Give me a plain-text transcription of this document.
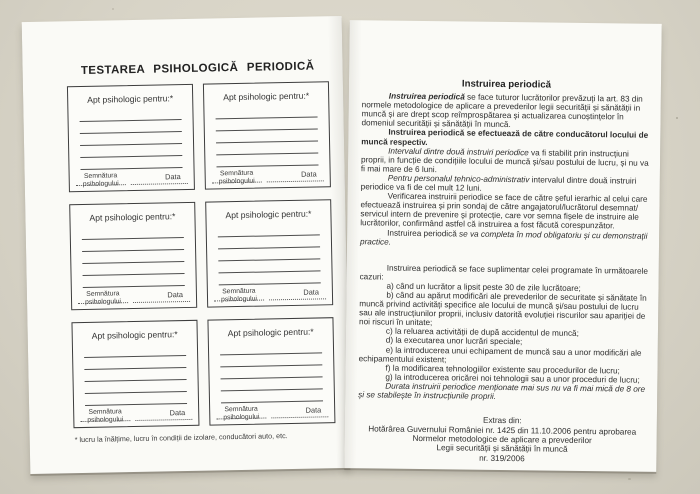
TESTAREA PSIHOLOGICĂ PERIODICĂ
Apt psihologic pentru:*
Semnătura
psihologului
Data
Apt psihologic pentru:*
Semnătura
psihologului
Data
Apt psihologic pentru:*
Semnătura
psihologului
Data
Apt psihologic pentru:*
Semnătura
psihologului
Data
Apt psihologic pentru:*
Semnătura
psihologului
Data
Apt psihologic pentru:*
Semnătura
psihologului
Data
* lucru la înălțime, lucru în condiții de izolare, conducători auto, etc.
Instruirea periodică

Instruirea periodică se face tuturor lucrătorilor prevăzuți la art. 83 din normele metodologice de aplicare a prevederilor legii securității și sănătății in muncă și are drept scop reîmprospătarea și actualizarea cunoștințelor în domeniul securității și sănătății în muncă.

Instruirea periodică se efectuează de către conducătorul locului de muncă respectiv.

Intervalul dintre două instruiri periodice va fi stabilit prin instrucțiuni proprii, in funcție de condițiile locului de muncă și/sau postului de lucru, și nu va fi mai mare de 6 luni.

Pentru personalul tehnico-administrativ intervalul dintre două instruiri periodice va fi de cel mult 12 luni.

Verificarea instruirii periodice se face de către șeful ierarhic al celui care efectuează instruirea și prin sondaj de către angajatorul/lucrătorul desemnat/ servicul intern de prevenire și protecție, care vor semna fișele de instruire ale lucrătorilor, confirmând astfel că instruirea a fost făcută corespunzător.

Instruirea periodică se va completa în mod obligatoriu și cu demonstrații practice.

Instruirea periodică se face suplimentar celei programate în următoarele cazuri:

a) când un lucrător a lipsit peste 30 de zile lucrătoare;

b) când au apărut modificări ale prevederilor de securitate și sănătate în muncă privind activități specifice ale locului de muncă și/sau postului de lucru sau ale instrucțiunilor proprii, inclusiv datorită evoluției riscurilor sau apariției de noi riscuri în unitate;

c) la reluarea activității de după accidentul de muncă;

d) la executarea unor lucrări speciale;

e) la introducerea unui echipament de muncă sau a unor modificări ale echipamentului existent;

f) la modificarea tehnologiilor existente sau procedurilor de lucru;

g) la introducerea oricărei noi tehnologii sau a unor proceduri de lucru;

Durata instruirii periodice menționate mai sus nu va fi mai mică de 8 ore și se stabilește în instrucțiunile proprii.

Extras din:
Hotărârea Guvernului României nr. 1425 din 11.10.2006 pentru aprobarea
Normelor metodologice de aplicare a prevederilor
Legii securității și sănătății în muncă
nr. 319/2006
